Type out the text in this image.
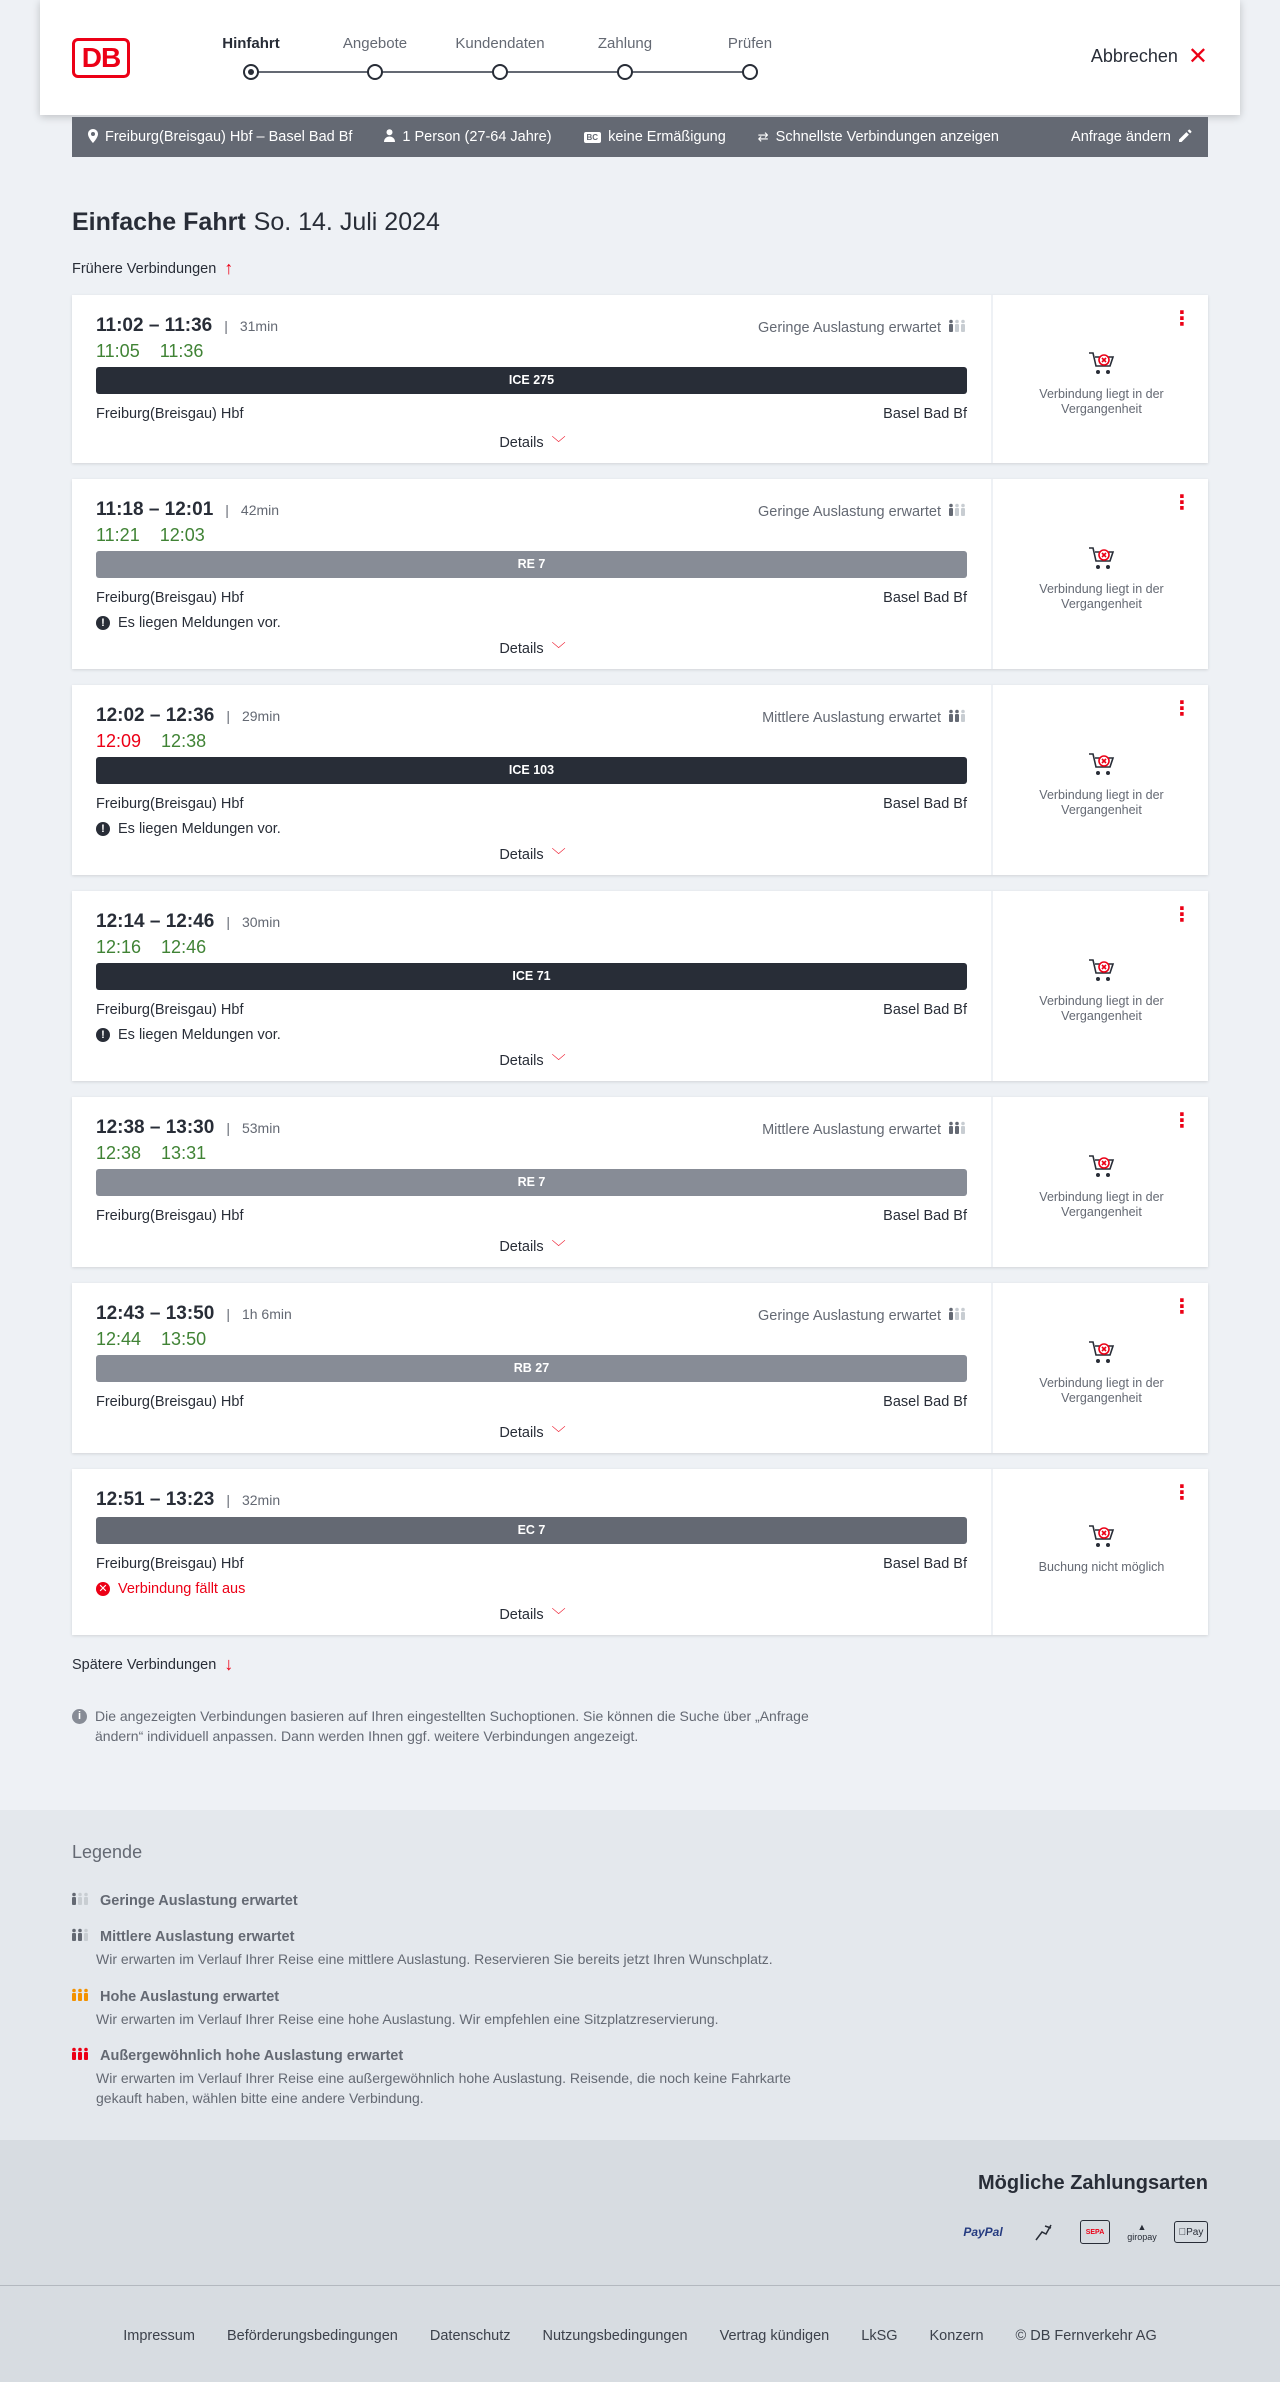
DB	Hinfahrt	Angebote	Kundendaten	Zahlung	Prüfen
Abbrechen ✕
Freiburg(Breisgau) Hbf – Basel Bad Bf	1 Person (27-64 Jahre)	BC keine Ermäßigung ⇄ Schnellste Verbindungen anzeigen	Anfrage ändern
Einfache Fahrt So. 14. Juli 2024
Frühere Verbindungen ↑
11:02 – 11:36 | 31min
11:05 11:36
Geringe Auslastung erwartet
ICE 275
Freiburg(Breisgau) Hbf	Basel Bad Bf
Details ﹀
⋮
Verbindung liegt in der Vergangenheit
11:18 – 12:01 | 42min
11:21 12:03
Geringe Auslastung erwartet
RE 7
Freiburg(Breisgau) Hbf	Basel Bad Bf
! Es liegen Meldungen vor.
Details ﹀
⋮
Verbindung liegt in der Vergangenheit
12:02 – 12:36 | 29min
12:09 12:38
Mittlere Auslastung erwartet
ICE 103
Freiburg(Breisgau) Hbf	Basel Bad Bf
! Es liegen Meldungen vor.
Details ﹀
⋮
Verbindung liegt in der Vergangenheit
12:14 – 12:46 | 30min
12:16 12:46
ICE 71
Freiburg(Breisgau) Hbf	Basel Bad Bf
! Es liegen Meldungen vor.
Details ﹀
⋮
Verbindung liegt in der Vergangenheit
12:38 – 13:30 | 53min
12:38 13:31
Mittlere Auslastung erwartet
RE 7
Freiburg(Breisgau) Hbf	Basel Bad Bf
Details ﹀
⋮
Verbindung liegt in der Vergangenheit
12:43 – 13:50 | 1h 6min
12:44 13:50
Geringe Auslastung erwartet
RB 27
Freiburg(Breisgau) Hbf	Basel Bad Bf
Details ﹀
⋮
Verbindung liegt in der Vergangenheit
12:51 – 13:23 | 32min
EC 7
Freiburg(Breisgau) Hbf	Basel Bad Bf
✕ Verbindung fällt aus
Details ﹀
⋮
Buchung nicht möglich
Spätere Verbindungen ↓
i Die angezeigten Verbindungen basieren auf Ihren eingestellten Suchoptionen. Sie können die Suche über „Anfrage ändern“ individuell anpassen. Dann werden Ihnen ggf. weitere Verbindungen angezeigt.
Legende
Geringe Auslastung erwartet
Mittlere Auslastung erwartet
Wir erwarten im Verlauf Ihrer Reise eine mittlere Auslastung. Reservieren Sie bereits jetzt Ihren Wunschplatz.
Hohe Auslastung erwartet
Wir erwarten im Verlauf Ihrer Reise eine hohe Auslastung. Wir empfehlen eine Sitzplatzreservierung.
Außergewöhnlich hohe Auslastung erwartet
Wir erwarten im Verlauf Ihrer Reise eine außergewöhnlich hohe Auslastung. Reisende, die noch keine Fahrkarte gekauft haben, wählen bitte eine andere Verbindung.
Mögliche Zahlungsarten
PayPal	SEPA	▲
giropay	Pay
Impressum Beförderungsbedingungen Datenschutz Nutzungsbedingungen Vertrag kündigen LkSG Konzern © DB Fernverkehr AG
